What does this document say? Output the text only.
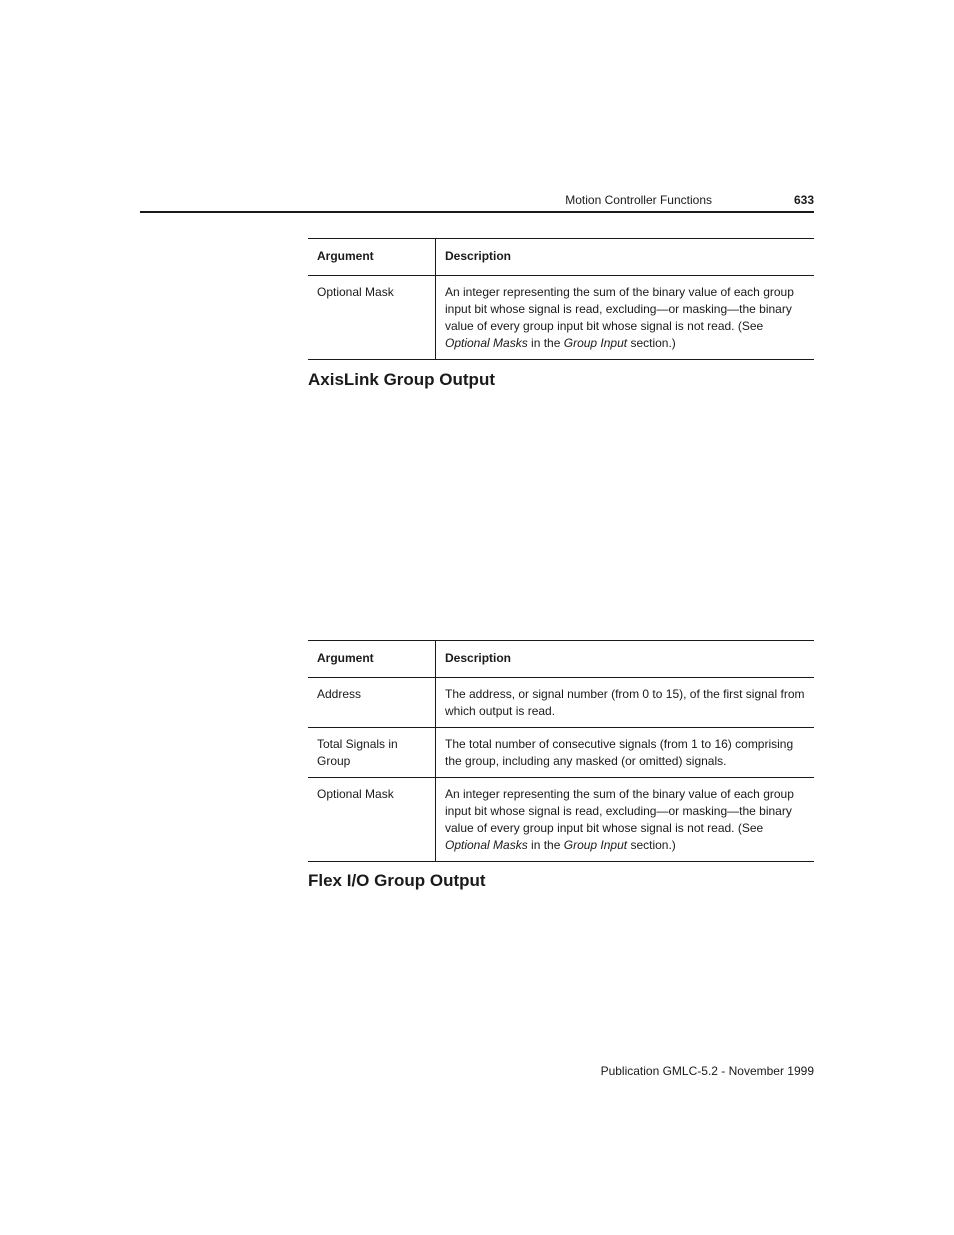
Motion Controller Functions	633
Argument	Description
Optional Mask	An integer representing the sum of the binary value of each group input bit whose signal is read, excluding—or masking—the binary value of every group input bit whose signal is not read. (See Optional Masks in the Group Input section.)
AxisLink Group Output
Argument	Description
Address	The address, or signal number (from 0 to 15), of the first signal from which output is read.
Total Signals in Group	The total number of consecutive signals (from 1 to 16) comprising the group, including any masked (or omitted) signals.
Optional Mask	An integer representing the sum of the binary value of each group input bit whose signal is read, excluding—or masking—the binary value of every group input bit whose signal is not read. (See Optional Masks in the Group Input section.)
Flex I/O Group Output
Publication GMLC-5.2 - November 1999
